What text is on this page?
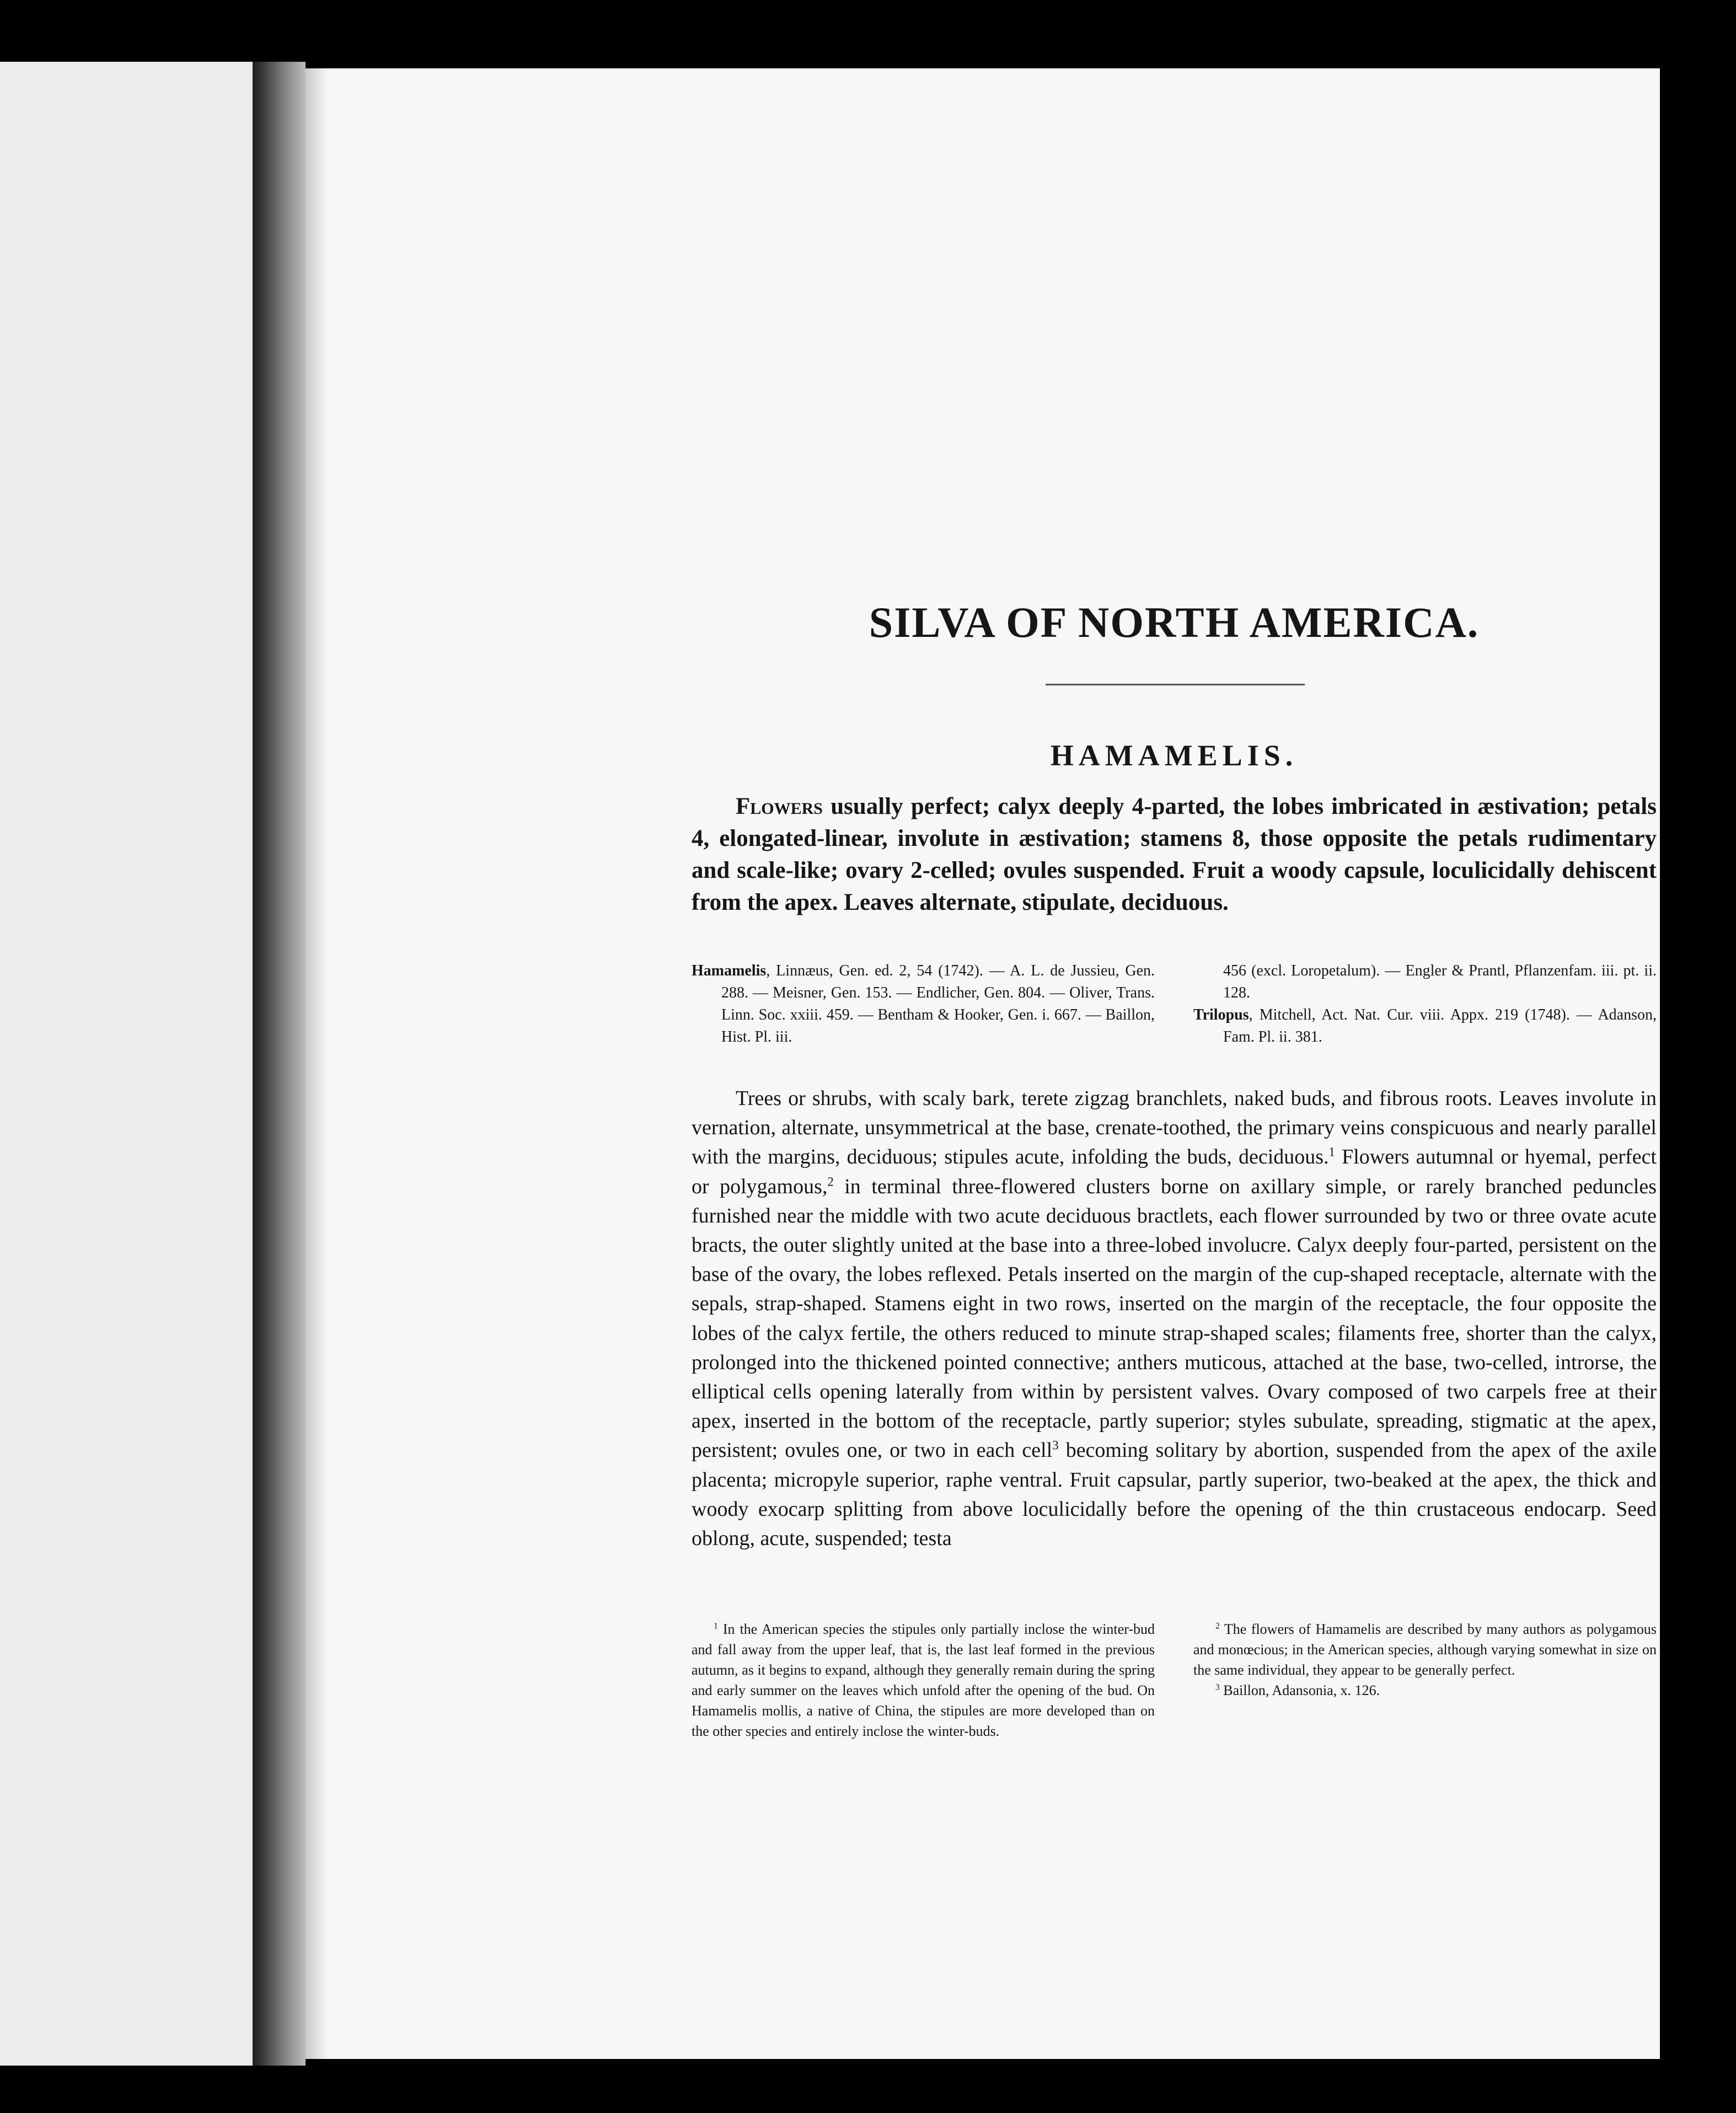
SILVA OF NORTH AMERICA.
HAMAMELIS.

Flowers usually perfect; calyx deeply 4-parted, the lobes imbricated in æstivation; petals 4, elongated-linear, involute in æstivation; stamens 8, those opposite the petals rudimentary and scale-like; ovary 2-celled; ovules suspended. Fruit a woody capsule, loculicidally dehiscent from the apex. Leaves alternate, stipulate, deciduous.

Hamamelis, Linnæus, Gen. ed. 2, 54 (1742). — A. L. de Jussieu, Gen. 288. — Meisner, Gen. 153. — Endlicher, Gen. 804. — Oliver, Trans. Linn. Soc. xxiii. 459. — Bentham & Hooker, Gen. i. 667. — Baillon, Hist. Pl. iii.

456 (excl. Loropetalum). — Engler & Prantl, Pflanzenfam. iii. pt. ii. 128.

Trilopus, Mitchell, Act. Nat. Cur. viii. Appx. 219 (1748). — Adanson, Fam. Pl. ii. 381.

Trees or shrubs, with scaly bark, terete zigzag branchlets, naked buds, and fibrous roots. Leaves involute in vernation, alternate, unsymmetrical at the base, crenate-toothed, the primary veins conspicuous and nearly parallel with the margins, deciduous; stipules acute, infolding the buds, deciduous.$^1$ Flowers autumnal or hyemal, perfect or polygamous,$^2$ in terminal three-flowered clusters borne on axillary simple, or rarely branched peduncles furnished near the middle with two acute deciduous bractlets, each flower surrounded by two or three ovate acute bracts, the outer slightly united at the base into a three-lobed involucre. Calyx deeply four-parted, persistent on the base of the ovary, the lobes reflexed. Petals inserted on the margin of the cup-shaped receptacle, alternate with the sepals, strap-shaped. Stamens eight in two rows, inserted on the margin of the receptacle, the four opposite the lobes of the calyx fertile, the others reduced to minute strap-shaped scales; filaments free, shorter than the calyx, prolonged into the thickened pointed connective; anthers muticous, attached at the base, two-celled, introrse, the elliptical cells opening laterally from within by persistent valves. Ovary composed of two carpels free at their apex, inserted in the bottom of the receptacle, partly superior; styles subulate, spreading, stigmatic at the apex, persistent; ovules one, or two in each cell$^3$ becoming solitary by abortion, suspended from the apex of the axile placenta; micropyle superior, raphe ventral. Fruit capsular, partly superior, two-beaked at the apex, the thick and woody exocarp splitting from above loculicidally before the opening of the thin crustaceous endocarp. Seed oblong, acute, suspended; testa

$^1$ In the American species the stipules only partially inclose the winter-bud and fall away from the upper leaf, that is, the last leaf formed in the previous autumn, as it begins to expand, although they generally remain during the spring and early summer on the leaves which unfold after the opening of the bud. On Hamamelis mollis, a native of China, the stipules are more developed than on the other species and entirely inclose the winter-buds.

$^2$ The flowers of Hamamelis are described by many authors as polygamous and monœcious; in the American species, although varying somewhat in size on the same individual, they appear to be generally perfect.

$^3$ Baillon, Adansonia, x. 126.
